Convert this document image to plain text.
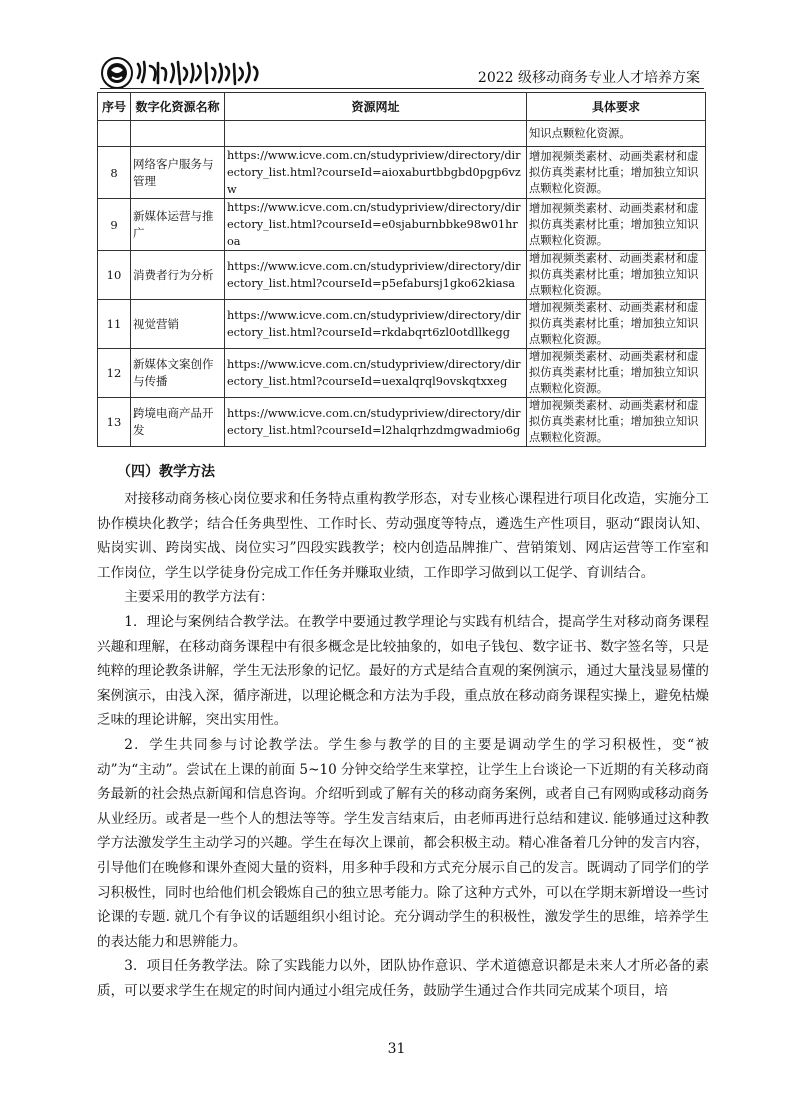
2022 级移动商务专业人才培养方案
序号	数字化资源名称	资源网址	具体要求
			知识点颗粒化资源。
8	网络客户服务与管理	https://www.icve.com.cn/studypriview/directory/directory_list.html?courseId=aioxaburtbbgbd0pgp6vzw	增加视频类素材、动画类素材和虚拟仿真类素材比重；增加独立知识点颗粒化资源。
9	新媒体运营与推广	https://www.icve.com.cn/studypriview/directory/directory_list.html?courseId=e0sjaburnbbke98w01hroa	增加视频类素材、动画类素材和虚拟仿真类素材比重；增加独立知识点颗粒化资源。
10	消费者行为分析	https://www.icve.com.cn/studypriview/directory/directory_list.html?courseId=p5efabursj1gko62kiasa	增加视频类素材、动画类素材和虚拟仿真类素材比重；增加独立知识点颗粒化资源。
11	视觉营销	https://www.icve.com.cn/studypriview/directory/directory_list.html?courseId=rkdabqrt6zl0otdllkegg	增加视频类素材、动画类素材和虚拟仿真类素材比重；增加独立知识点颗粒化资源。
12	新媒体文案创作与传播	https://www.icve.com.cn/studypriview/directory/directory_list.html?courseId=uexalqrql9ovskqtxxeg	增加视频类素材、动画类素材和虚拟仿真类素材比重；增加独立知识点颗粒化资源。
13	跨境电商产品开发	https://www.icve.com.cn/studypriview/directory/directory_list.html?courseId=l2halqrhzdmgwadmio6g	增加视频类素材、动画类素材和虚拟仿真类素材比重；增加独立知识点颗粒化资源。
（四）教学方法

对接移动商务核心岗位要求和任务特点重构教学形态，对专业核心课程进行项目化改造，实施分工协作模块化教学；结合任务典型性、工作时长、劳动强度等特点，遴选生产性项目，驱动“跟岗认知、贴岗实训、跨岗实战、岗位实习”四段实践教学；校内创造品牌推广、营销策划、网店运营等工作室和工作岗位，学生以学徒身份完成工作任务并赚取业绩，工作即学习做到以工促学、育训结合。

主要采用的教学方法有：

1．理论与案例结合教学法。在教学中要通过教学理论与实践有机结合，提高学生对移动商务课程兴趣和理解，在移动商务课程中有很多概念是比较抽象的，如电子钱包、数字证书、数字签名等，只是纯粹的理论教条讲解，学生无法形象的记忆。最好的方式是结合直观的案例演示，通过大量浅显易懂的案例演示，由浅入深，循序渐进，以理论概念和方法为手段，重点放在移动商务课程实操上，避免枯燥乏味的理论讲解，突出实用性。

2．学生共同参与讨论教学法。学生参与教学的目的主要是调动学生的学习积极性，变“被动”为“主动”。尝试在上课的前面 5~10 分钟交给学生来掌控，让学生上台谈论一下近期的有关移动商务最新的社会热点新闻和信息咨询。介绍听到或了解有关的移动商务案例，或者自己有网购或移动商务从业经历。或者是一些个人的想法等等。学生发言结束后，由老师再进行总结和建议. 能够通过这种教学方法激发学生主动学习的兴趣。学生在每次上课前，都会积极主动。精心准备着几分钟的发言内容，引导他们在晚修和课外查阅大量的资料，用多种手段和方式充分展示自己的发言。既调动了同学们的学习积极性，同时也给他们机会锻炼自己的独立思考能力。除了这种方式外，可以在学期末新增设一些讨论课的专题. 就几个有争议的话题组织小组讨论。充分调动学生的积极性，激发学生的思维，培养学生的表达能力和思辨能力。

3．项目任务教学法。除了实践能力以外，团队协作意识、学术道德意识都是未来人才所必备的素质，可以要求学生在规定的时间内通过小组完成任务，鼓励学生通过合作共同完成某个项目，培

31
